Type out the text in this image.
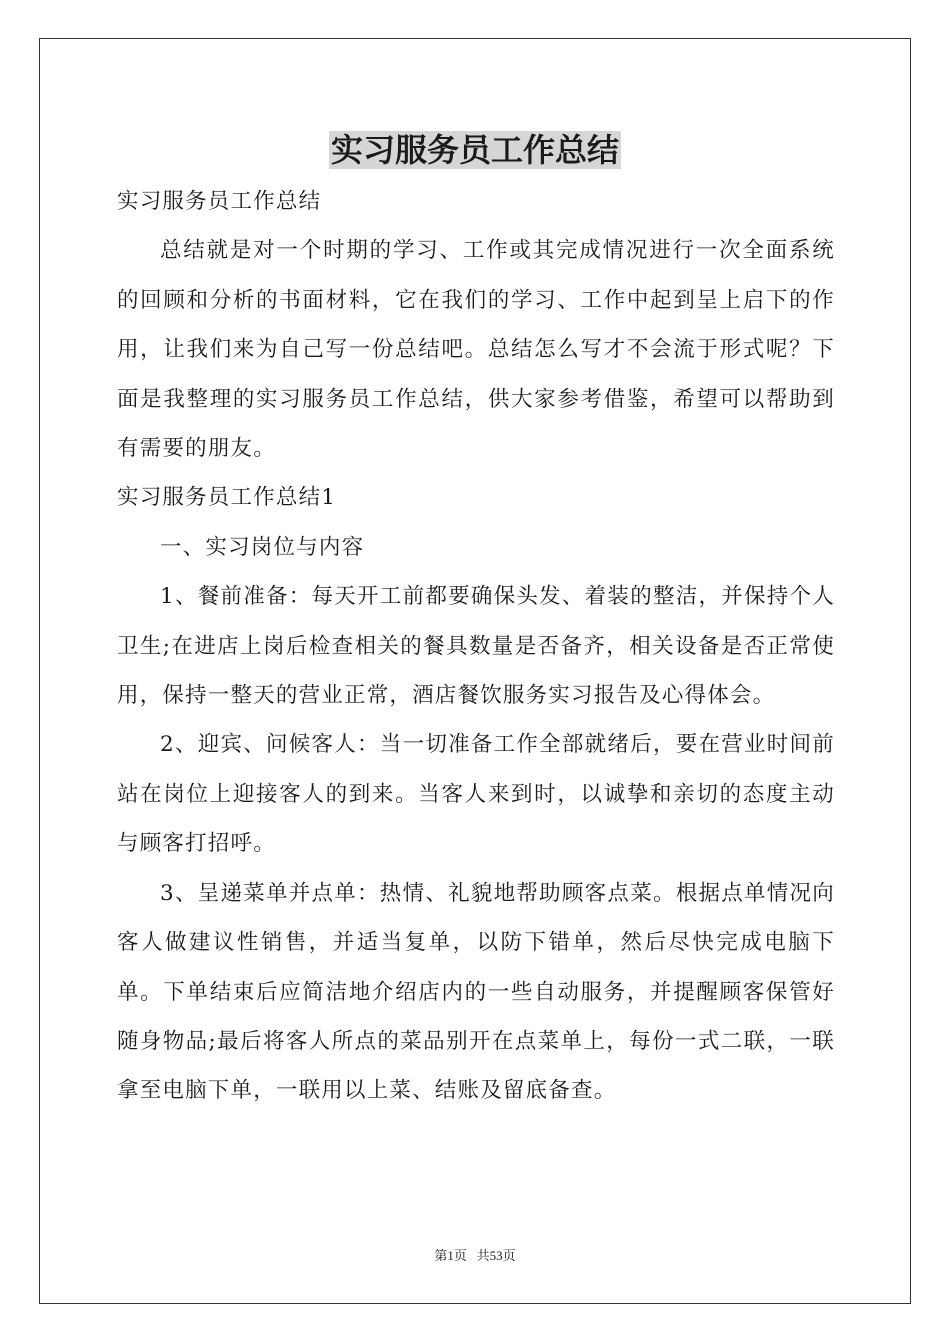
实习服务员工作总结

实习服务员工作总结

总结就是对一个时期的学习、工作或其完成情况进行一次全面系统的回顾和分析的书面材料，它在我们的学习、工作中起到呈上启下的作用，让我们来为自己写一份总结吧。总结怎么写才不会流于形式呢？下面是我整理的实习服务员工作总结，供大家参考借鉴，希望可以帮助到有需要的朋友。

实习服务员工作总结1

一、实习岗位与内容

1、餐前准备：每天开工前都要确保头发、着装的整洁，并保持个人卫生;在进店上岗后检查相关的餐具数量是否备齐，相关设备是否正常使用，保持一整天的营业正常，酒店餐饮服务实习报告及心得体会。

2、迎宾、问候客人：当一切准备工作全部就绪后，要在营业时间前站在岗位上迎接客人的到来。当客人来到时，以诚挚和亲切的态度主动与顾客打招呼。

3、呈递菜单并点单：热情、礼貌地帮助顾客点菜。根据点单情况向客人做建议性销售，并适当复单，以防下错单，然后尽快完成电脑下单。下单结束后应简洁地介绍店内的一些自动服务，并提醒顾客保管好随身物品;最后将客人所点的菜品别开在点菜单上，每份一式二联，一联拿至电脑下单，一联用以上菜、结账及留底备查。

第1页 共53页
